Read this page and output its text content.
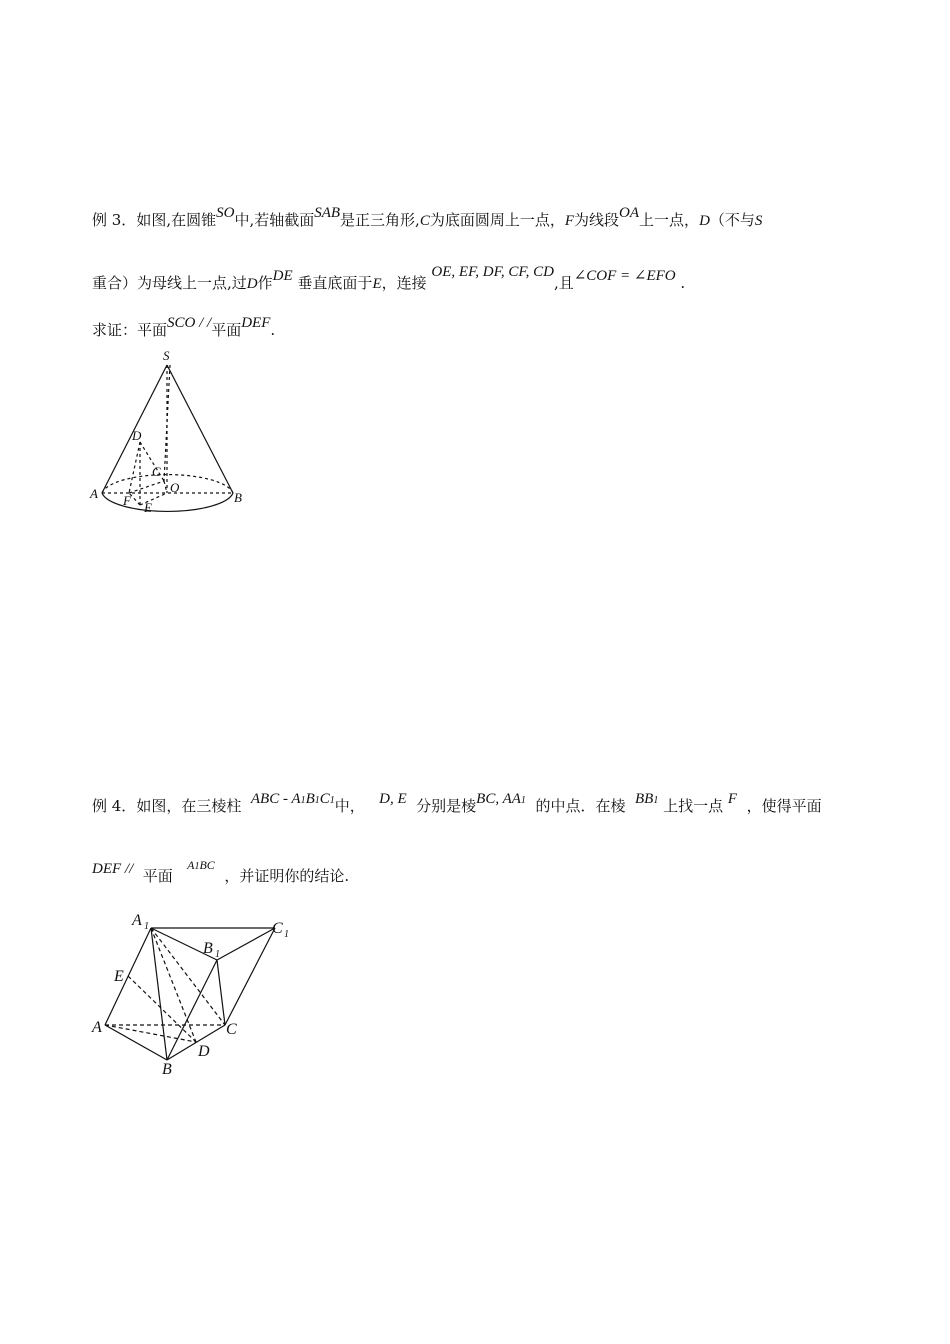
例 3．如图,在圆锥SO中,若轴截面SAB是正三角形,C为底面圆周上一点，F为线段OA上一点，D（不与S
重合）为母线上一点,过D作DE 垂直底面于E，连接 OE, EF, DF, CF, CD,且∠COF = ∠EFO .
求证：平面SCO / /平面DEF.
S
D
C
O
A	B
F E
例 4．如图，在三棱柱 ABC - A1B1C1中， D, E 分别是棱BC, AA1 的中点．在棱 BB1 上找一点 F ，使得平面
DEF // 平面   $^{A1BC}$  ，并证明你的结论.
A 1
B 1
C 1
E
A	C
D
B
